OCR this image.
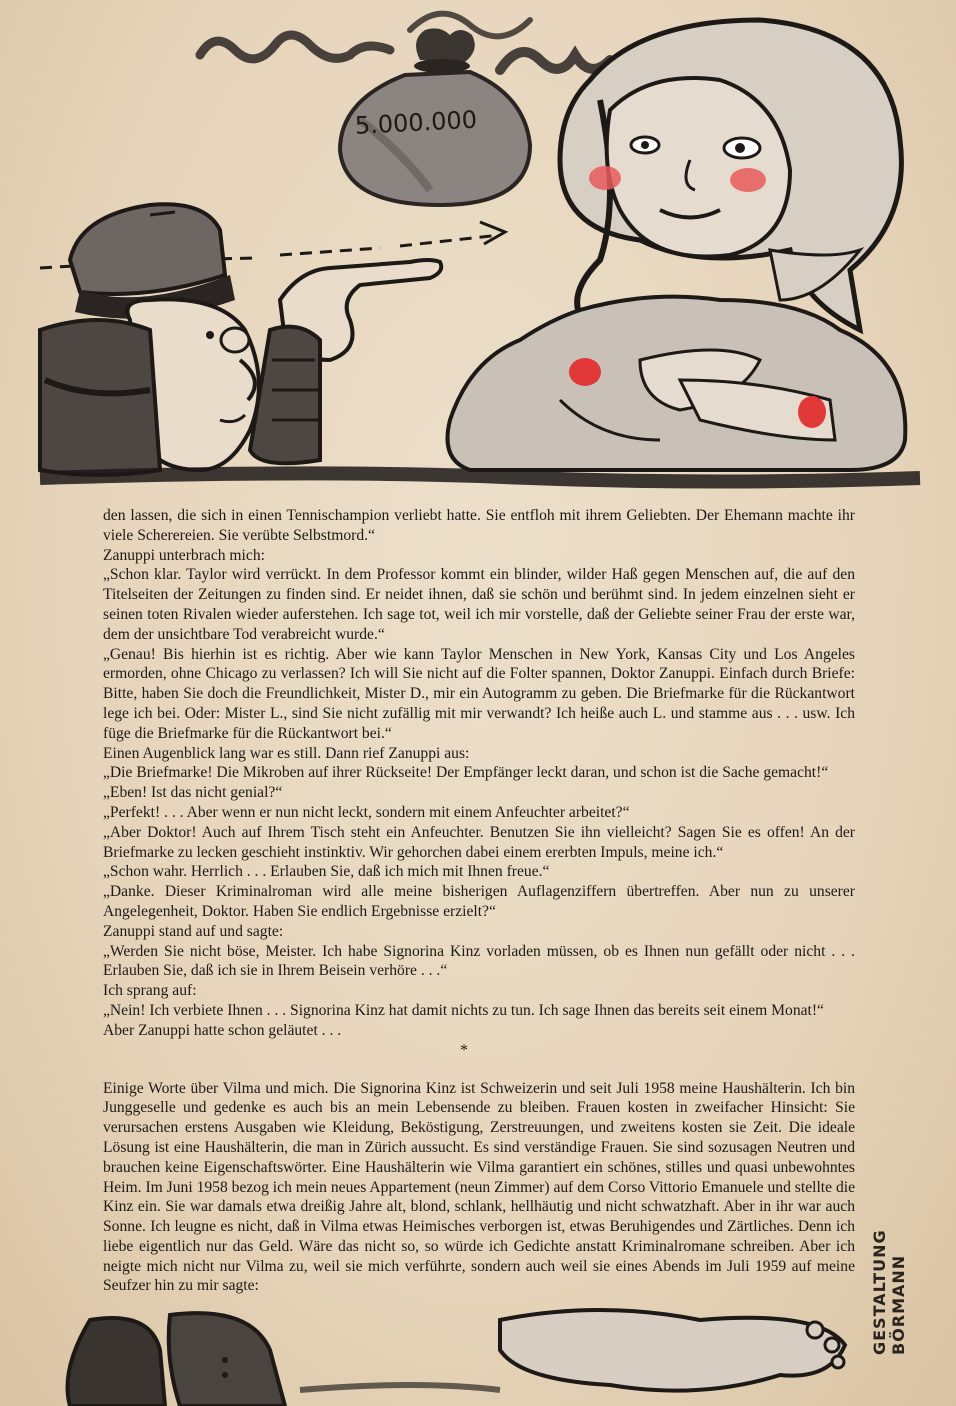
5.000.000

den lassen, die sich in einen Tennischampion verliebt hatte. Sie entfloh mit ihrem Geliebten. Der Ehemann machte ihr viele Scherereien. Sie verübte Selbstmord.“

Zanuppi unterbrach mich:

„Schon klar. Taylor wird verrückt. In dem Professor kommt ein blinder, wilder Haß gegen Menschen auf, die auf den Titelseiten der Zeitungen zu finden sind. Er neidet ihnen, daß sie schön und berühmt sind. In jedem einzelnen sieht er seinen toten Rivalen wieder auferstehen. Ich sage tot, weil ich mir vorstelle, daß der Geliebte seiner Frau der erste war, dem der unsichtbare Tod verabreicht wurde.“

„Genau! Bis hierhin ist es richtig. Aber wie kann Taylor Menschen in New York, Kansas City und Los Angeles ermorden, ohne Chicago zu verlassen? Ich will Sie nicht auf die Folter spannen, Doktor Zanuppi. Einfach durch Briefe: Bitte, haben Sie doch die Freundlichkeit, Mister D., mir ein Autogramm zu geben. Die Briefmarke für die Rückantwort lege ich bei. Oder: Mister L., sind Sie nicht zufällig mit mir verwandt? Ich heiße auch L. und stamme aus . . . usw. Ich füge die Briefmarke für die Rückantwort bei.“

Einen Augenblick lang war es still. Dann rief Zanuppi aus:

„Die Briefmarke! Die Mikroben auf ihrer Rückseite! Der Empfänger leckt daran, und schon ist die Sache gemacht!“

„Eben! Ist das nicht genial?“

„Perfekt! . . . Aber wenn er nun nicht leckt, sondern mit einem Anfeuchter arbeitet?“

„Aber Doktor! Auch auf Ihrem Tisch steht ein Anfeuchter. Benutzen Sie ihn vielleicht? Sagen Sie es offen! An der Briefmarke zu lecken geschieht instinktiv. Wir gehorchen dabei einem ererbten Impuls, meine ich.“

„Schon wahr. Herrlich . . . Erlauben Sie, daß ich mich mit Ihnen freue.“

„Danke. Dieser Kriminalroman wird alle meine bisherigen Auflagenziffern übertreffen. Aber nun zu unserer Angelegenheit, Doktor. Haben Sie endlich Ergebnisse erzielt?“

Zanuppi stand auf und sagte:

„Werden Sie nicht böse, Meister. Ich habe Signorina Kinz vorladen müssen, ob es Ihnen nun gefällt oder nicht . . . Erlauben Sie, daß ich sie in Ihrem Beisein verhöre . . .“

Ich sprang auf:

„Nein! Ich verbiete Ihnen . . . Signorina Kinz hat damit nichts zu tun. Ich sage Ihnen das bereits seit einem Monat!“

Aber Zanuppi hatte schon geläutet . . .

*

Einige Worte über Vilma und mich. Die Signorina Kinz ist Schweizerin und seit Juli 1958 meine Haushälterin. Ich bin Junggeselle und gedenke es auch bis an mein Lebensende zu bleiben. Frauen kosten in zweifacher Hinsicht: Sie verursachen erstens Ausgaben wie Kleidung, Beköstigung, Zerstreuungen, und zweitens kosten sie Zeit. Die ideale Lösung ist eine Haushälterin, die man in Zürich aussucht. Es sind verständige Frauen. Sie sind sozusagen Neutren und brauchen keine Eigenschaftswörter. Eine Haushälterin wie Vilma garantiert ein schönes, stilles und quasi unbewohntes Heim. Im Juni 1958 bezog ich mein neues Appartement (neun Zimmer) auf dem Corso Vittorio Emanuele und stellte die Kinz ein. Sie war damals etwa dreißig Jahre alt, blond, schlank, hellhäutig und nicht schwatzhaft. Aber in ihr war auch Sonne. Ich leugne es nicht, daß in Vilma etwas Heimisches verborgen ist, etwas Beruhigendes und Zärtliches. Denn ich liebe eigentlich nur das Geld. Wäre das nicht so, so würde ich Gedichte anstatt Kriminalromane schreiben. Aber ich neigte mich nicht nur Vilma zu, weil sie mich verführte, sondern auch weil sie eines Abends im Juli 1959 auf meine Seufzer hin zu mir sagte:	GESTALTUNG BÖRMANN
